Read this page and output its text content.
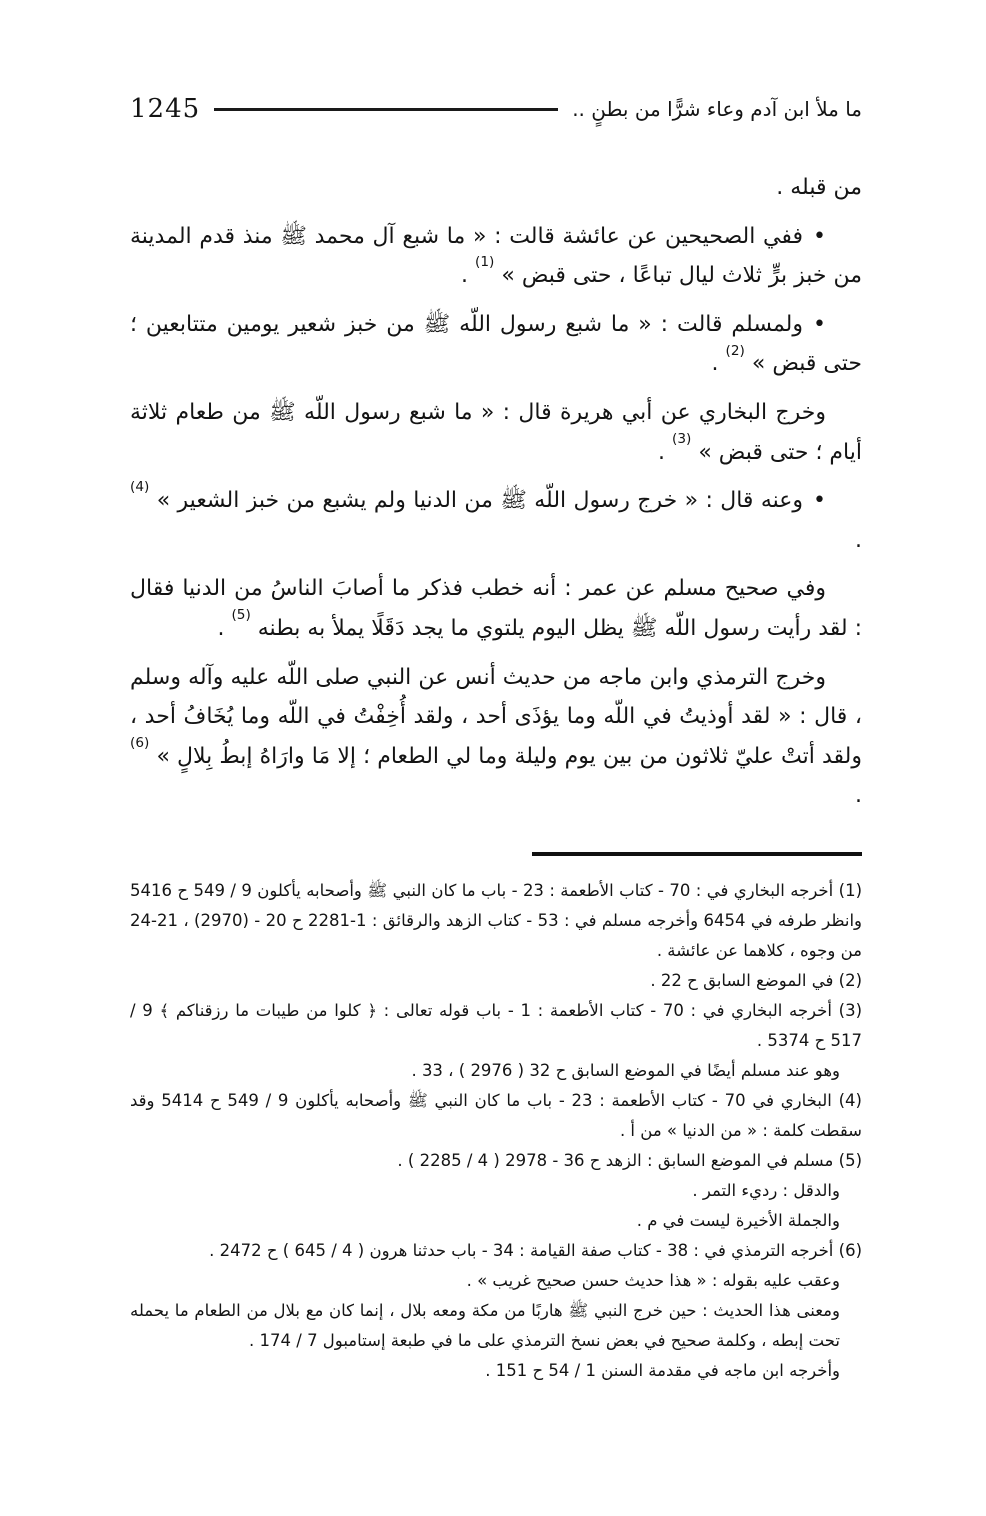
ما ملأ ابن آدم وعاء شرًّا من بطنٍ ..
1245

من قبله .

•ففي الصحيحين عن عائشة قالت : « ما شبع آل محمد ﷺ منذ قدم المدينة من خبز برٍّ ثلاث ليال تباعًا ، حتى قبض » $^{(1)}$ .

•ولمسلم قالت : « ما شبع رسول اللّه ﷺ من خبز شعير يومين متتابعين ؛ حتى قبض » $^{(2)}$ .

وخرج البخاري عن أبي هريرة قال : « ما شبع رسول اللّه ﷺ من طعام ثلاثة أيام ؛ حتى قبض » $^{(3)}$ .

•وعنه قال : « خرج رسول اللّه ﷺ من الدنيا ولم يشبع من خبز الشعير » $^{(4)}$ .

وفي صحيح مسلم عن عمر : أنه خطب فذكر ما أصابَ الناسُ من الدنيا فقال : لقد رأيت رسول اللّه ﷺ يظل اليوم يلتوي ما يجد دَقَلًا يملأ به بطنه $^{(5)}$ .

وخرج الترمذي وابن ماجه من حديث أنس عن النبي صلى اللّه عليه وآله وسلم ، قال : « لقد أوذيتُ في اللّه وما يؤذَى أحد ، ولقد أُخِفْتُ في اللّه وما يُخَافُ أحد ، ولقد أتتْ عليّ ثلاثون من بين يوم وليلة وما لي الطعام ؛ إلا مَا وارَاهُ إبطُ بِلالٍ » $^{(6)}$ .

(1)أخرجه البخاري في : 70 - كتاب الأطعمة : 23 - باب ما كان النبي ﷺ وأصحابه يأكلون 9 / 549 ح 5416 وانظر طرفه في 6454 وأخرجه مسلم في : 53 - كتاب الزهد والرقائق : 1-2281 ح 20 - (2970) ، 21-24 من وجوه ، كلاهما عن عائشة .

(2)في الموضع السابق ح 22 .

(3)أخرجه البخاري في : 70 - كتاب الأطعمة : 1 - باب قوله تعالى : ﴿ كلوا من طيبات ما رزقناكم ﴾ 9 / 517 ح 5374 .

وهو عند مسلم أيضًا في الموضع السابق ح 32 ( 2976 ) ، 33 .

(4)البخاري في 70 - كتاب الأطعمة : 23 - باب ما كان النبي ﷺ وأصحابه يأكلون 9 / 549 ح 5414 وقد سقطت كلمة : « من الدنيا » من أ .

(5)مسلم في الموضع السابق : الزهد ح 36 - 2978 ( 4 / 2285 ) .

والدقل : رديء التمر .

والجملة الأخيرة ليست في م .

(6)أخرجه الترمذي في : 38 - كتاب صفة القيامة : 34 - باب حدثنا هرون ( 4 / 645 ) ح 2472 .

وعقب عليه بقوله : « هذا حديث حسن صحيح غريب » .

ومعنى هذا الحديث : حين خرج النبي ﷺ هاربًا من مكة ومعه بلال ، إنما كان مع بلال من الطعام ما يحمله تحت إبطه ، وكلمة صحيح في بعض نسخ الترمذي على ما في طبعة إستامبول 7 / 174 .

وأخرجه ابن ماجه في مقدمة السنن 1 / 54 ح 151 .
